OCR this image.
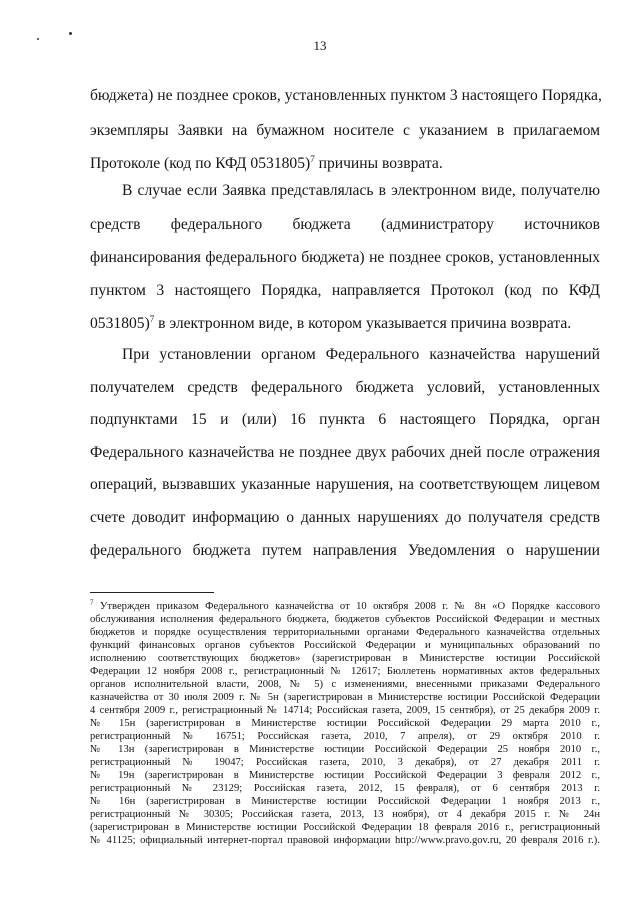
13
бюджета) не позднее сроков, установленных пунктом 3 настоящего Порядка,
экземпляры Заявки на бумажном носителе с указанием в прилагаемом
Протоколе (код по КФД 0531805)$^7$ причины возврата.
В случае если Заявка представлялась в электронном виде, получателю
средств федерального бюджета (администратору источников
финансирования федерального бюджета) не позднее сроков, установленных
пунктом 3 настоящего Порядка, направляется Протокол (код по КФД
0531805)$^7$ в электронном виде, в котором указывается причина возврата.
При установлении органом Федерального казначейства нарушений
получателем средств федерального бюджета условий, установленных
подпунктами 15 и (или) 16 пункта 6 настоящего Порядка, орган
Федерального казначейства не позднее двух рабочих дней после отражения
операций, вызвавших указанные нарушения, на соответствующем лицевом
счете доводит информацию о данных нарушениях до получателя средств
федерального бюджета путем направления Уведомления о нарушении
$^7$ Утвержден приказом Федерального казначейства от 10 октября 2008 г. № 8н «О Порядке кассового
обслуживания исполнения федерального бюджета, бюджетов субъектов Российской Федерации и местных
бюджетов и порядке осуществления территориальными органами Федерального казначейства отдельных
функций финансовых органов субъектов Российской Федерации и муниципальных образований по
исполнению соответствующих бюджетов» (зарегистрирован в Министерстве юстиции Российской
Федерации 12 ноября 2008 г., регистрационный № 12617; Бюллетень нормативных актов федеральных
органов исполнительной власти, 2008, № 5) с изменениями, внесенными приказами Федерального
казначейства от 30 июля 2009 г. № 5н (зарегистрирован в Министерстве юстиции Российской Федерации
4 сентября 2009 г., регистрационный № 14714; Российская газета, 2009, 15 сентября), от 25 декабря 2009 г.
№ 15н (зарегистрирован в Министерстве юстиции Российской Федерации 29 марта 2010 г.,
регистрационный № 16751; Российская газета, 2010, 7 апреля), от 29 октября 2010 г.
№ 13н (зарегистрирован в Министерстве юстиции Российской Федерации 25 ноября 2010 г.,
регистрационный № 19047; Российская газета, 2010, 3 декабря), от 27 декабря 2011 г.
№ 19н (зарегистрирован в Министерстве юстиции Российской Федерации 3 февраля 2012 г.,
регистрационный № 23129; Российская газета, 2012, 15 февраля), от 6 сентября 2013 г.
№ 16н (зарегистрирован в Министерстве юстиции Российской Федерации 1 ноября 2013 г.,
регистрационный № 30305; Российская газета, 2013, 13 ноября), от 4 декабря 2015 г. № 24н
(зарегистрирован в Министерстве юстиции Российской Федерации 18 февраля 2016 г., регистрационный
№ 41125; официальный интернет-портал правовой информации http://www.pravo.gov.ru, 20 февраля 2016 г.).
